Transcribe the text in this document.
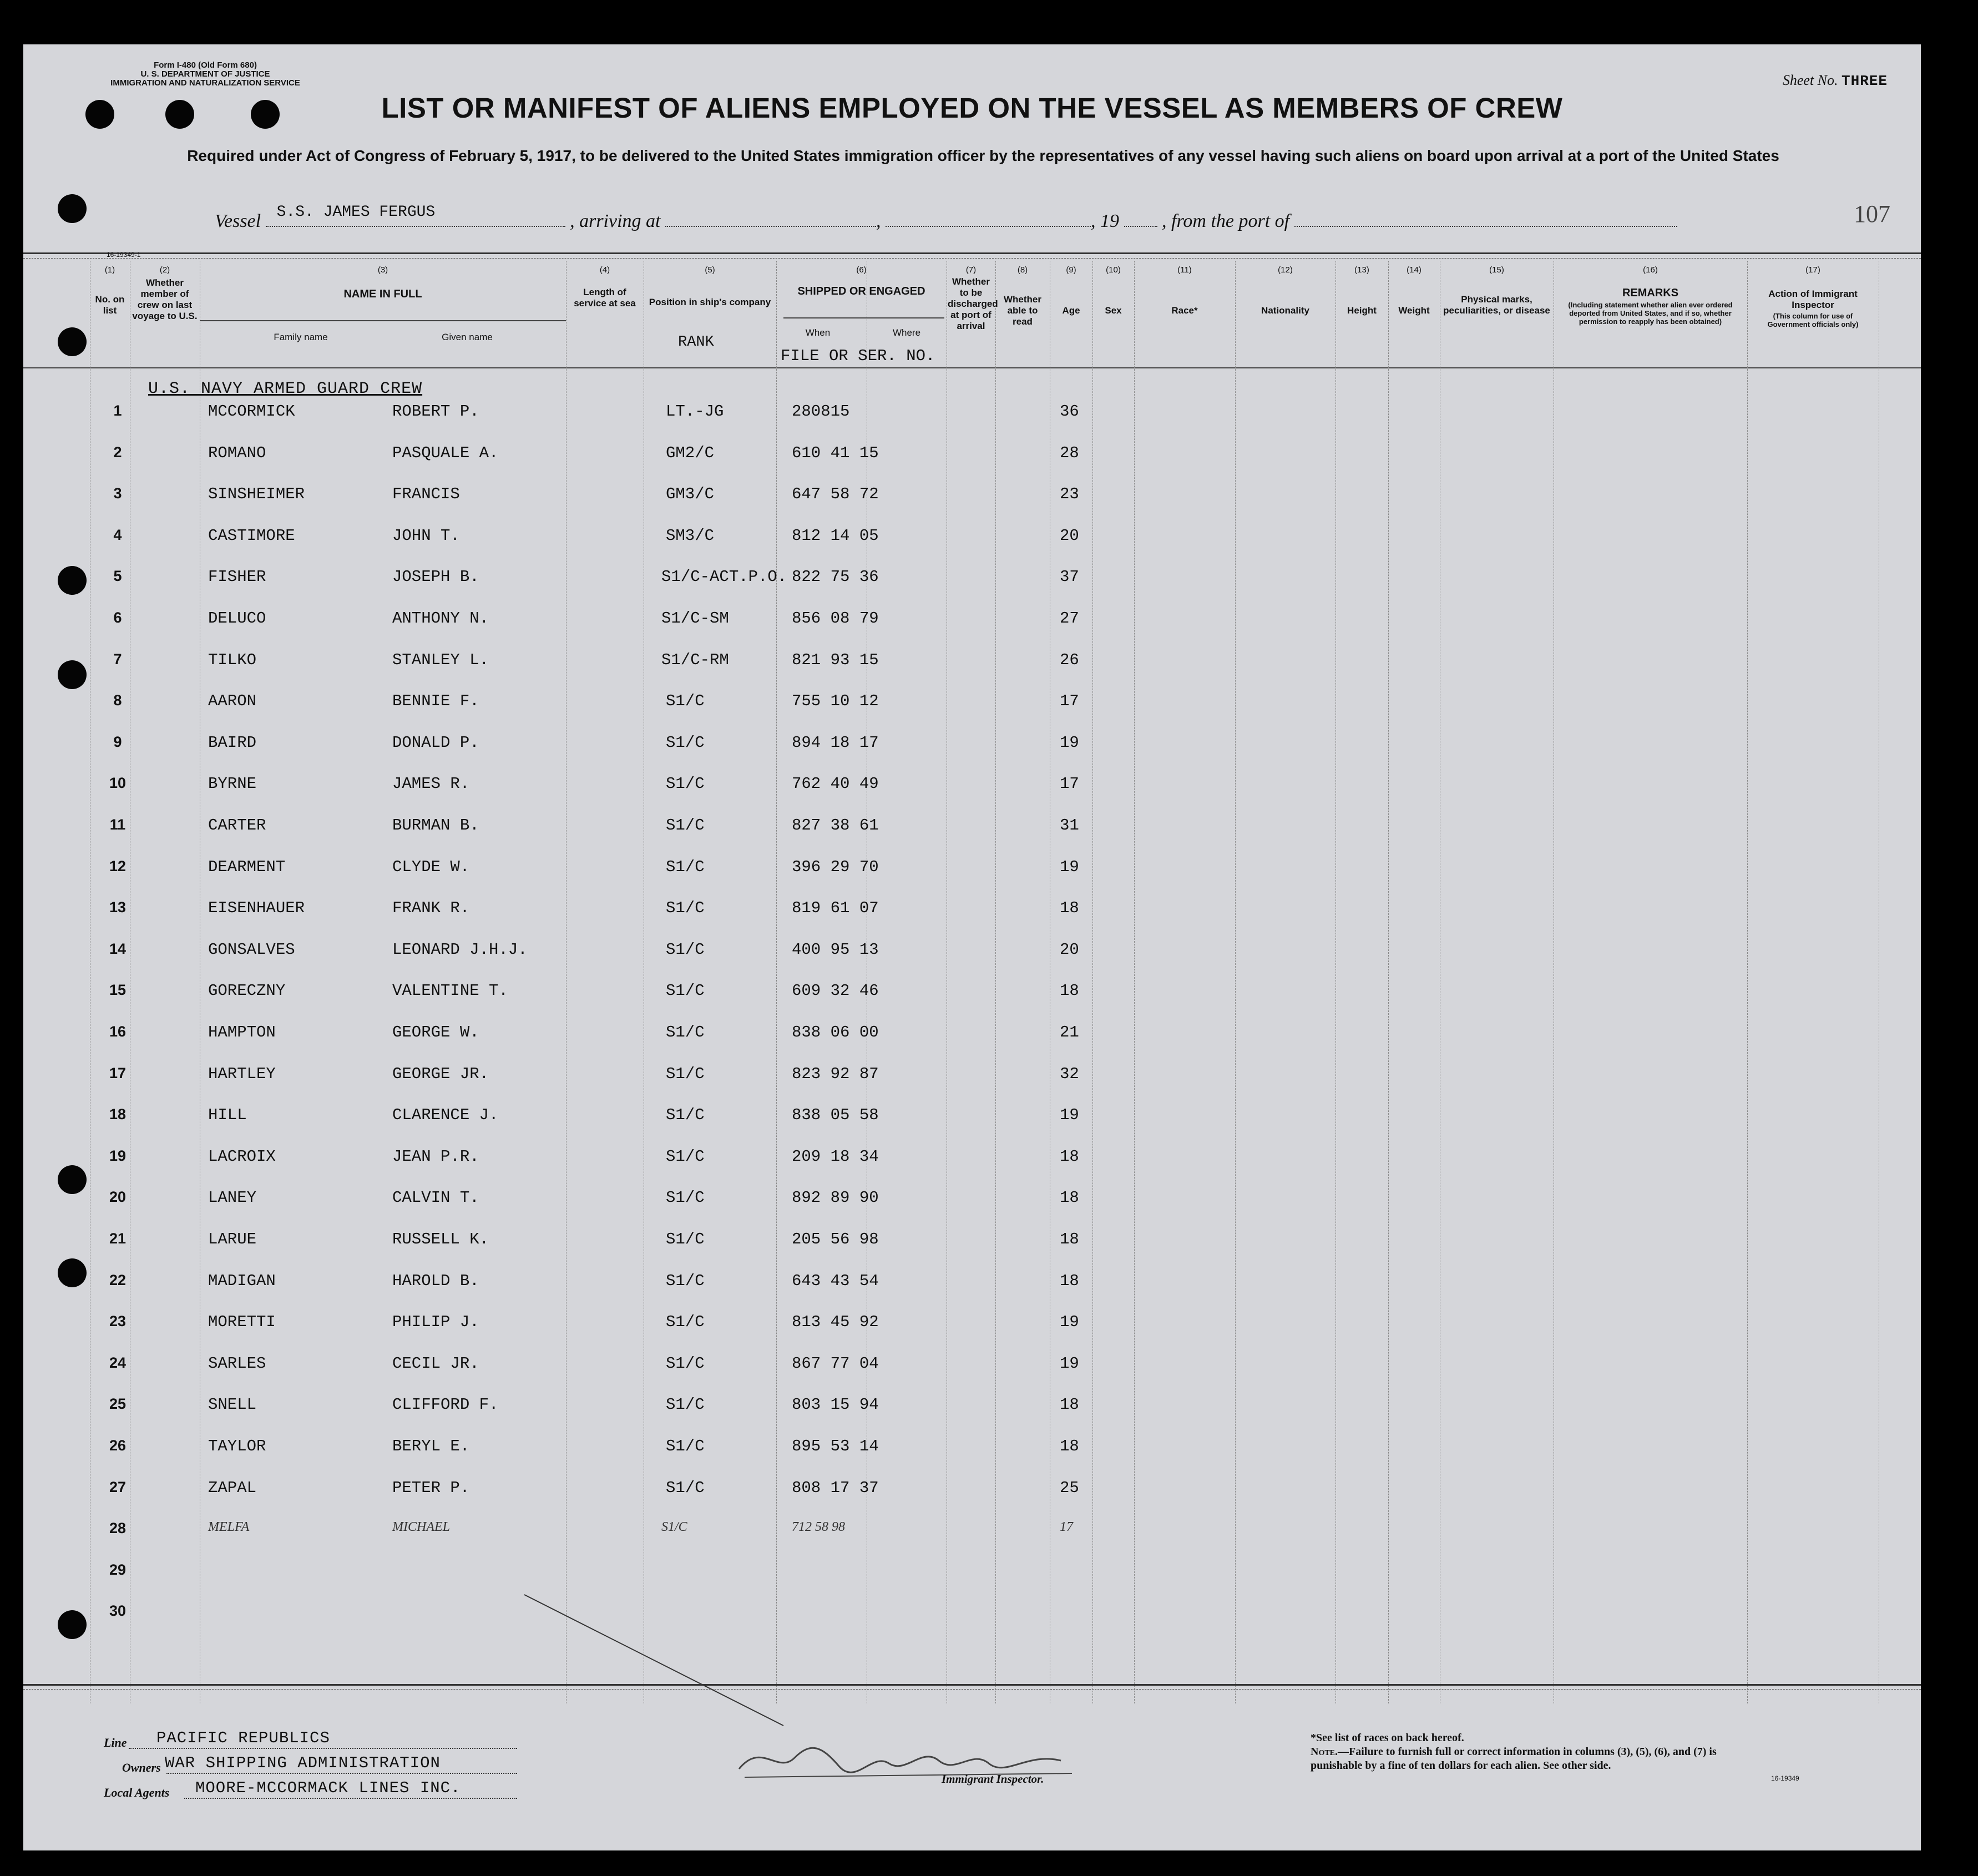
Form I-480 (Old Form 680)
U. S. DEPARTMENT OF JUSTICE
IMMIGRATION AND NATURALIZATION SERVICE	Sheet No. THREE
LIST OR MANIFEST OF ALIENS EMPLOYED ON THE VESSEL AS MEMBERS OF CREW
Required under Act of Congress of February 5, 1917, to be delivered to the United States immigration officer by the representatives of any vessel having such aliens on board upon arrival at a port of the United States
Vessel S.S. JAMES FERGUS	, arriving at	,	, 19 , from the port of	107
16-19349-1
(1)	(2)	(3)	(4)	(5)	(6)	(7)	(8)	(9)	(10)	(11)	(12)	(13)	(14)	(15)	(16)	(17)
No. on list
Whether member of crew on last voyage to U.S.
NAME IN FULL
Family name	Given name
Length of service at sea	Position in ship's company
RANK
SHIPPED OR ENGAGED
When	Where
FILE OR SER. NO.
Whether to be discharged at port of arrival
Whether able to read
Age	Sex	Race*	Nationality	Height	Weight
Physical marks, peculiarities, or disease
REMARKS
(Including statement whether alien ever ordered deported from United States, and if so, whether permission to reapply has been obtained)
Action of Immigrant Inspector
(This column for use of Government officials only)
U.S. NAVY ARMED GUARD CREW
1	MCCORMICK	ROBERT P.	LT.-JG	280815	36
2	ROMANO	PASQUALE A.	GM2/C	610 41 15	28
3	SINSHEIMER	FRANCIS	GM3/C	647 58 72	23
4	CASTIMORE	JOHN T.	SM3/C	812 14 05	20
5	FISHER	JOSEPH B.	S1/C-ACT.P.O. 822 75 36	37
6	DELUCO	ANTHONY N.	S1/C-SM	856 08 79	27
7	TILKO	STANLEY L.	S1/C-RM	821 93 15	26
8	AARON	BENNIE F.	S1/C	755 10 12	17
9	BAIRD	DONALD P.	S1/C	894 18 17	19
10	BYRNE	JAMES R.	S1/C	762 40 49	17
11	CARTER	BURMAN B.	S1/C	827 38 61	31
12	DEARMENT	CLYDE W.	S1/C	396 29 70	19
13	EISENHAUER	FRANK R.	S1/C	819 61 07	18
14	GONSALVES	LEONARD J.H.J.	S1/C	400 95 13	20
15	GORECZNY	VALENTINE T.	S1/C	609 32 46	18
16	HAMPTON	GEORGE W.	S1/C	838 06 00	21
17	HARTLEY	GEORGE JR.	S1/C	823 92 87	32
18	HILL	CLARENCE J.	S1/C	838 05 58	19
19	LACROIX	JEAN P.R.	S1/C	209 18 34	18
20	LANEY	CALVIN T.	S1/C	892 89 90	18
21	LARUE	RUSSELL K.	S1/C	205 56 98	18
22	MADIGAN	HAROLD B.	S1/C	643 43 54	18
23	MORETTI	PHILIP J.	S1/C	813 45 92	19
24	SARLES	CECIL JR.	S1/C	867 77 04	19
25	SNELL	CLIFFORD F.	S1/C	803 15 94	18
26	TAYLOR	BERYL E.	S1/C	895 53 14	18
27	ZAPAL	PETER P.	S1/C	808 17 37	25
28	MELFA	MICHAEL	S1/C	712 58 98	17
29
30
Line PACIFIC REPUBLICS
Owners WAR SHIPPING ADMINISTRATION
Local Agents MOORE-MCCORMACK LINES INC.	Immigrant Inspector.
*See list of races on back hereof.
Note.—Failure to furnish full or correct information in columns (3), (5), (6), and (7) is punishable by a fine of ten dollars for each alien. See other side.
16-19349
